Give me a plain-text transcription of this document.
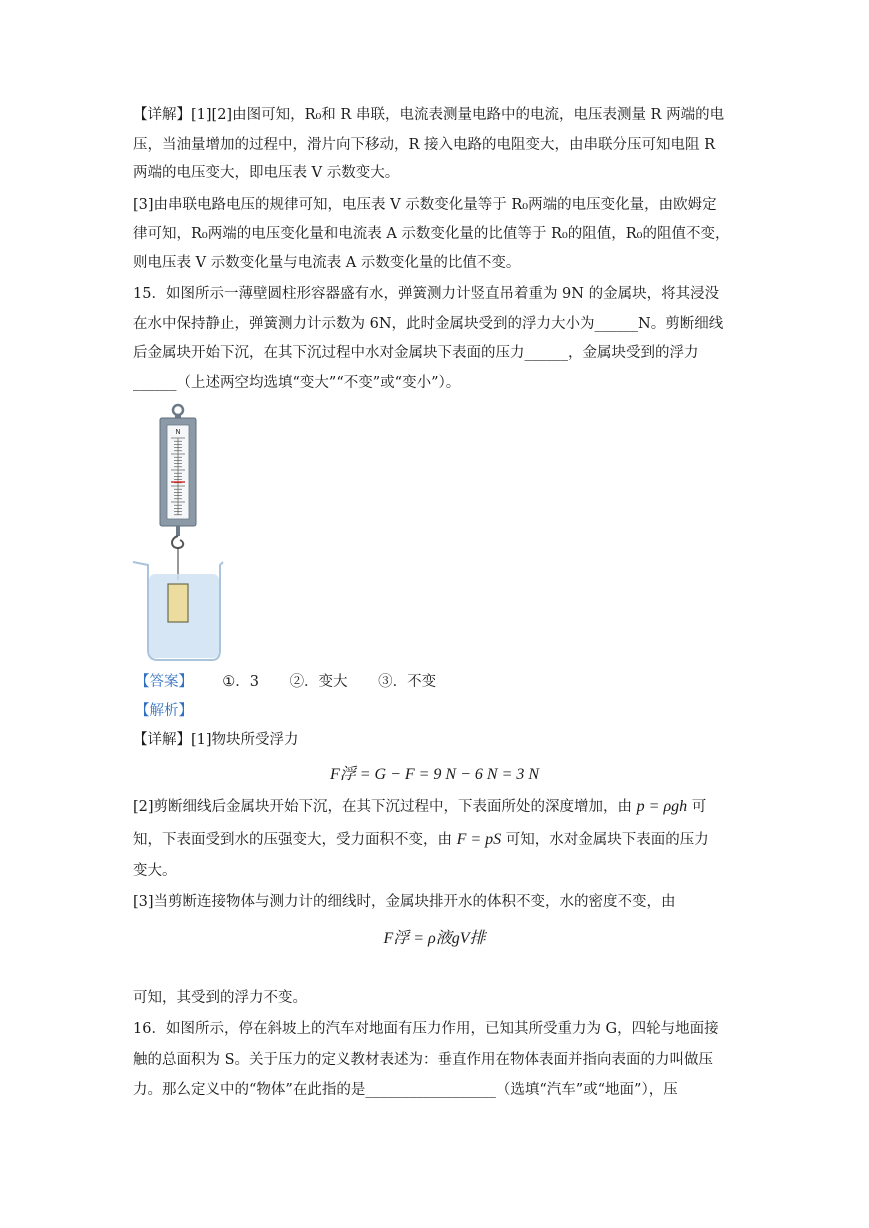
【详解】[1][2]由图可知，R₀和 R 串联，电流表测量电路中的电流，电压表测量 R 两端的电
压，当油量增加的过程中，滑片向下移动，R 接入电路的电阻变大，由串联分压可知电阻 R
两端的电压变大，即电压表 V 示数变大。
[3]由串联电路电压的规律可知，电压表 V 示数变化量等于 R₀两端的电压变化量，由欧姆定
律可知，R₀两端的电压变化量和电流表 A 示数变化量的比值等于 R₀的阻值，R₀的阻值不变，
则电压表 V 示数变化量与电流表 A 示数变化量的比值不变。
15．如图所示一薄壁圆柱形容器盛有水，弹簧测力计竖直吊着重为 9N 的金属块，将其浸没
在水中保持静止，弹簧测力计示数为 6N，此时金属块受到的浮力大小为______N。剪断细线
后金属块开始下沉，在其下沉过程中水对金属块下表面的压力______，金属块受到的浮力
______（上述两空均选填“变大”“不变”或“变小”）。
N
【答案】 ①．3 ②．变大 ③．不变
【解析】
【详解】[1]物块所受浮力
F浮 = G − F = 9 N − 6 N = 3 N
[2]剪断细线后金属块开始下沉，在其下沉过程中，下表面所处的深度增加，由 p = ρgh 可
知，下表面受到水的压强变大，受力面积不变，由 F = pS 可知，水对金属块下表面的压力
变大。
[3]当剪断连接物体与测力计的细线时，金属块排开水的体积不变，水的密度不变，由
F浮 = ρ液gV排
可知，其受到的浮力不变。
16．如图所示，停在斜坡上的汽车对地面有压力作用，已知其所受重力为 G，四轮与地面接
触的总面积为 S。关于压力的定义教材表述为：垂直作用在物体表面并指向表面的力叫做压
力。那么定义中的“物体”在此指的是__________________（选填“汽车”或“地面”），压
